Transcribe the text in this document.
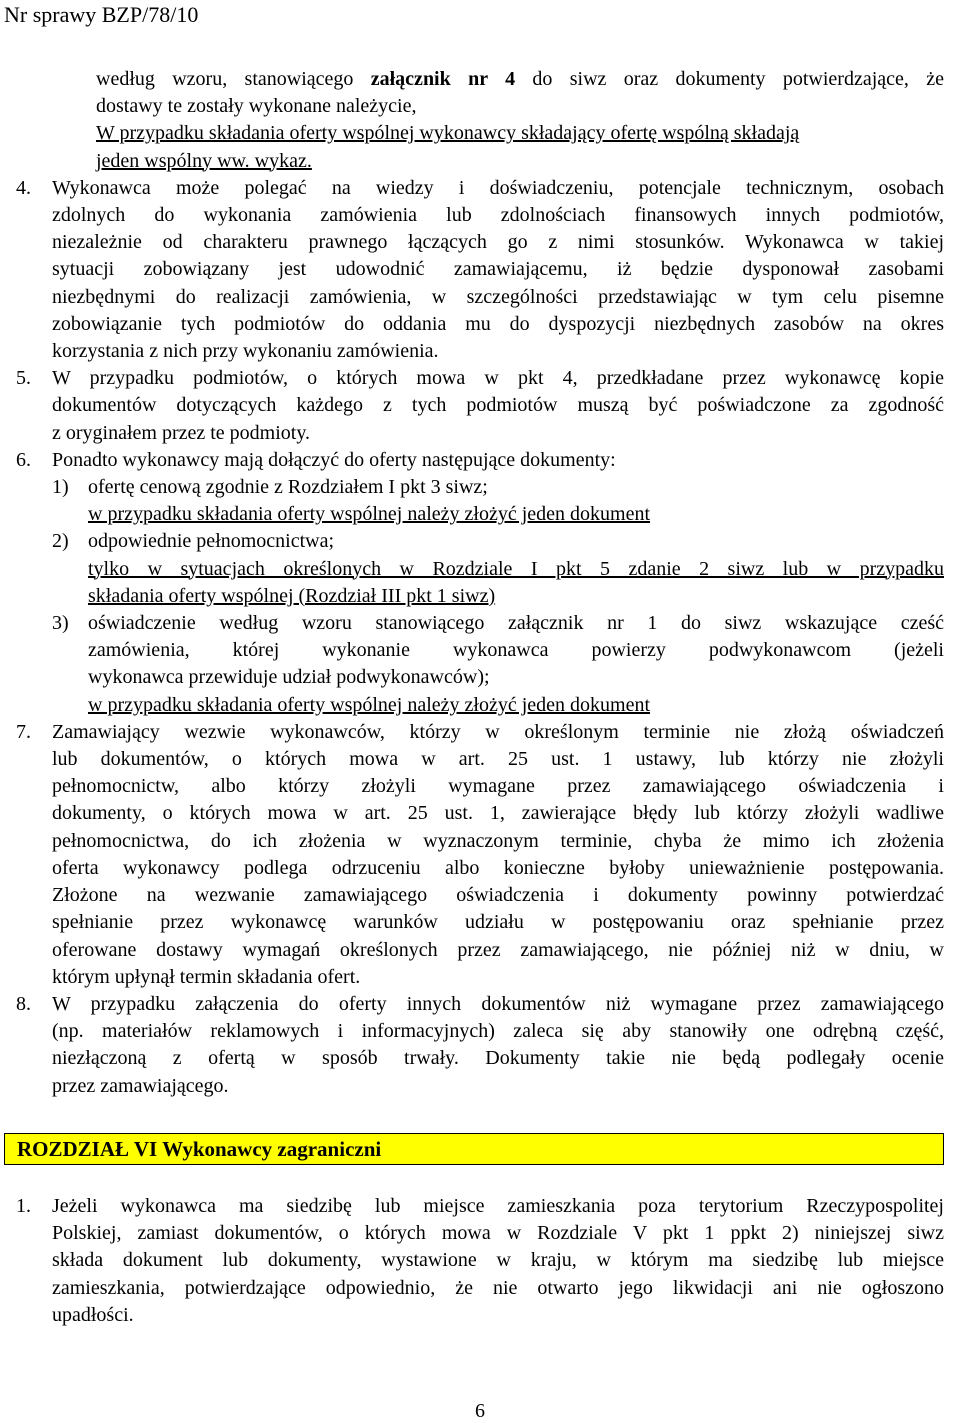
Nr sprawy BZP/78/10
według wzoru, stanowiącego załącznik nr 4 do siwz oraz dokumenty potwierdzające, że
dostawy te zostały wykonane należycie,
W przypadku składania oferty wspólnej wykonawcy składający ofertę wspólną składają
jeden wspólny ww. wykaz.
4. Wykonawca może polegać na wiedzy i doświadczeniu, potencjale technicznym, osobach
zdolnych do wykonania zamówienia lub zdolnościach finansowych innych podmiotów,
niezależnie od charakteru prawnego łączących go z nimi stosunków. Wykonawca w takiej
sytuacji zobowiązany jest udowodnić zamawiającemu, iż będzie dysponował zasobami
niezbędnymi do realizacji zamówienia, w szczególności przedstawiając w tym celu pisemne
zobowiązanie tych podmiotów do oddania mu do dyspozycji niezbędnych zasobów na okres
korzystania z nich przy wykonaniu zamówienia.
5. W przypadku podmiotów, o których mowa w pkt 4, przedkładane przez wykonawcę kopie
dokumentów dotyczących każdego z tych podmiotów muszą być poświadczone za zgodność
z oryginałem przez te podmioty.
6. Ponadto wykonawcy mają dołączyć do oferty następujące dokumenty:
1) ofertę cenową zgodnie z Rozdziałem I pkt 3 siwz;
w przypadku składania oferty wspólnej należy złożyć jeden dokument
2) odpowiednie pełnomocnictwa;
tylko w sytuacjach określonych w Rozdziale I pkt 5 zdanie 2 siwz lub w przypadku
składania oferty wspólnej (Rozdział III pkt 1 siwz)
3) oświadczenie według wzoru stanowiącego załącznik nr 1 do siwz wskazujące cześć
zamówienia, której wykonanie wykonawca powierzy podwykonawcom (jeżeli
wykonawca przewiduje udział podwykonawców);
w przypadku składania oferty wspólnej należy złożyć jeden dokument
7. Zamawiający wezwie wykonawców, którzy w określonym terminie nie złożą oświadczeń
lub dokumentów, o których mowa w art. 25 ust. 1 ustawy, lub którzy nie złożyli
pełnomocnictw, albo którzy złożyli wymagane przez zamawiającego oświadczenia i
dokumenty, o których mowa w art. 25 ust. 1, zawierające błędy lub którzy złożyli wadliwe
pełnomocnictwa, do ich złożenia w wyznaczonym terminie, chyba że mimo ich złożenia
oferta wykonawcy podlega odrzuceniu albo konieczne byłoby unieważnienie postępowania.
Złożone na wezwanie zamawiającego oświadczenia i dokumenty powinny potwierdzać
spełnianie przez wykonawcę warunków udziału w postępowaniu oraz spełnianie przez
oferowane dostawy wymagań określonych przez zamawiającego, nie później niż w dniu, w
którym upłynął termin składania ofert.
8. W przypadku załączenia do oferty innych dokumentów niż wymagane przez zamawiającego
(np. materiałów reklamowych i informacyjnych) zaleca się aby stanowiły one odrębną część,
niezłączoną z ofertą w sposób trwały. Dokumenty takie nie będą podlegały ocenie
przez zamawiającego.
ROZDZIAŁ VI Wykonawcy zagraniczni
1. Jeżeli wykonawca ma siedzibę lub miejsce zamieszkania poza terytorium Rzeczypospolitej
Polskiej, zamiast dokumentów, o których mowa w Rozdziale V pkt 1 ppkt 2) niniejszej siwz
składa dokument lub dokumenty, wystawione w kraju, w którym ma siedzibę lub miejsce
zamieszkania, potwierdzające odpowiednio, że nie otwarto jego likwidacji ani nie ogłoszono
upadłości.
6
